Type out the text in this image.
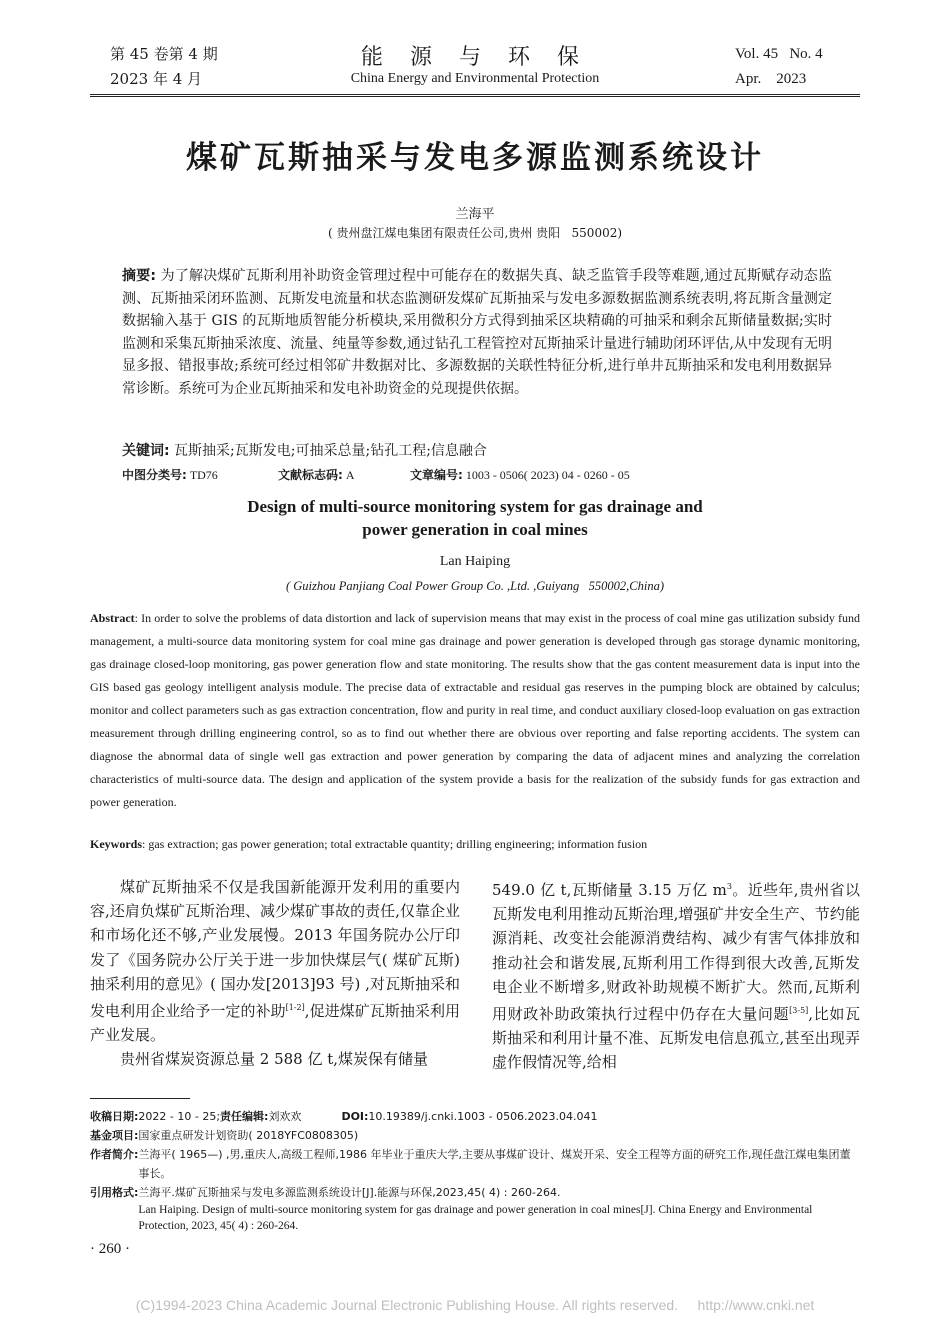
第 45 卷第 4 期
2023 年 4 月
能 源 与 环 保
China Energy and Environmental Protection
Vol. 45   No. 4
Apr.    2023
煤矿瓦斯抽采与发电多源监测系统设计
兰海平
( 贵州盘江煤电集团有限责任公司,贵州 贵阳   550002)
摘要: 为了解决煤矿瓦斯利用补助资金管理过程中可能存在的数据失真、缺乏监管手段等难题,通过瓦斯赋存动态监测、瓦斯抽采闭环监测、瓦斯发电流量和状态监测研发煤矿瓦斯抽采与发电多源数据监测系统表明,将瓦斯含量测定数据输入基于 GIS 的瓦斯地质智能分析模块,采用微积分方式得到抽采区块精确的可抽采和剩余瓦斯储量数据;实时监测和采集瓦斯抽采浓度、流量、纯量等参数,通过钻孔工程管控对瓦斯抽采计量进行辅助闭环评估,从中发现有无明显多报、错报事故;系统可经过相邻矿井数据对比、多源数据的关联性特征分析,进行单井瓦斯抽采和发电利用数据异常诊断。系统可为企业瓦斯抽采和发电补助资金的兑现提供依据。
关键词: 瓦斯抽采;瓦斯发电;可抽采总量;钻孔工程;信息融合
中图分类号: TD76	文献标志码: A	文章编号: 1003 - 0506( 2023) 04 - 0260 - 05
Design of multi-source monitoring system for gas drainage and
power generation in coal mines
Lan Haiping
( Guizhou Panjiang Coal Power Group Co. ,Ltd. ,Guiyang   550002,China)
Abstract: In order to solve the problems of data distortion and lack of supervision means that may exist in the process of coal mine gas utilization subsidy fund management, a multi-source data monitoring system for coal mine gas drainage and power generation is developed through gas storage dynamic monitoring, gas drainage closed-loop monitoring, gas power generation flow and state monitoring. The results show that the gas content measurement data is input into the GIS based gas geology intelligent analysis module. The precise data of extractable and residual gas reserves in the pumping block are obtained by calculus; monitor and collect parameters such as gas extraction concentration, flow and purity in real time, and conduct auxiliary closed-loop evaluation on gas extraction measurement through drilling engineering control, so as to find out whether there are obvious over reporting and false reporting accidents. The system can diagnose the abnormal data of single well gas extraction and power generation by comparing the data of adjacent mines and analyzing the correlation characteristics of multi-source data. The design and application of the system provide a basis for the realization of the subsidy funds for gas extraction and power generation.
Keywords: gas extraction; gas power generation; total extractable quantity; drilling engineering; information fusion

煤矿瓦斯抽采不仅是我国新能源开发利用的重要内容,还肩负煤矿瓦斯治理、减少煤矿事故的责任,仅靠企业和市场化还不够,产业发展慢。2013 年国务院办公厅印发了《国务院办公厅关于进一步加快煤层气( 煤矿瓦斯) 抽采利用的意见》( 国办发[2013]93 号) ,对瓦斯抽采和发电利用企业给予一定的补助[1-2],促进煤矿瓦斯抽采利用产业发展。

贵州省煤炭资源总量 2 588 亿 t,煤炭保有储量

549.0 亿 t,瓦斯储量 3.15 万亿 $m^3$。近些年,贵州省以瓦斯发电利用推动瓦斯治理,增强矿井安全生产、节约能源消耗、改变社会能源消费结构、减少有害气体排放和推动社会和谐发展,瓦斯利用工作得到很大改善,瓦斯发电企业不断增多,财政补助规模不断扩大。然而,瓦斯利用财政补助政策执行过程中仍存在大量问题[3-5],比如瓦斯抽采和利用计量不准、瓦斯发电信息孤立,甚至出现弄虚作假情况等,给相

收稿日期: 2022 - 10 - 25; 责任编辑: 刘欢欢	DOI: 10.19389/j.cnki.1003 - 0506.2023.04.041
基金项目: 国家重点研发计划资助( 2018YFC0808305)
作者简介: 兰海平( 1965—) ,男,重庆人,高级工程师,1986 年毕业于重庆大学,主要从事煤矿设计、煤炭开采、安全工程等方面的研究工作,现任盘江煤电集团董事长。
引用格式: 兰海平.煤矿瓦斯抽采与发电多源监测系统设计[J].能源与环保,2023,45( 4) : 260-264.
Lan Haiping. Design of multi-source monitoring system for gas drainage and power generation in coal mines[J]. China Energy and Environmental Protection, 2023, 45( 4) : 260-264.
· 260 ·
(C)1994-2023 China Academic Journal Electronic Publishing House. All rights reserved.     http://www.cnki.net
